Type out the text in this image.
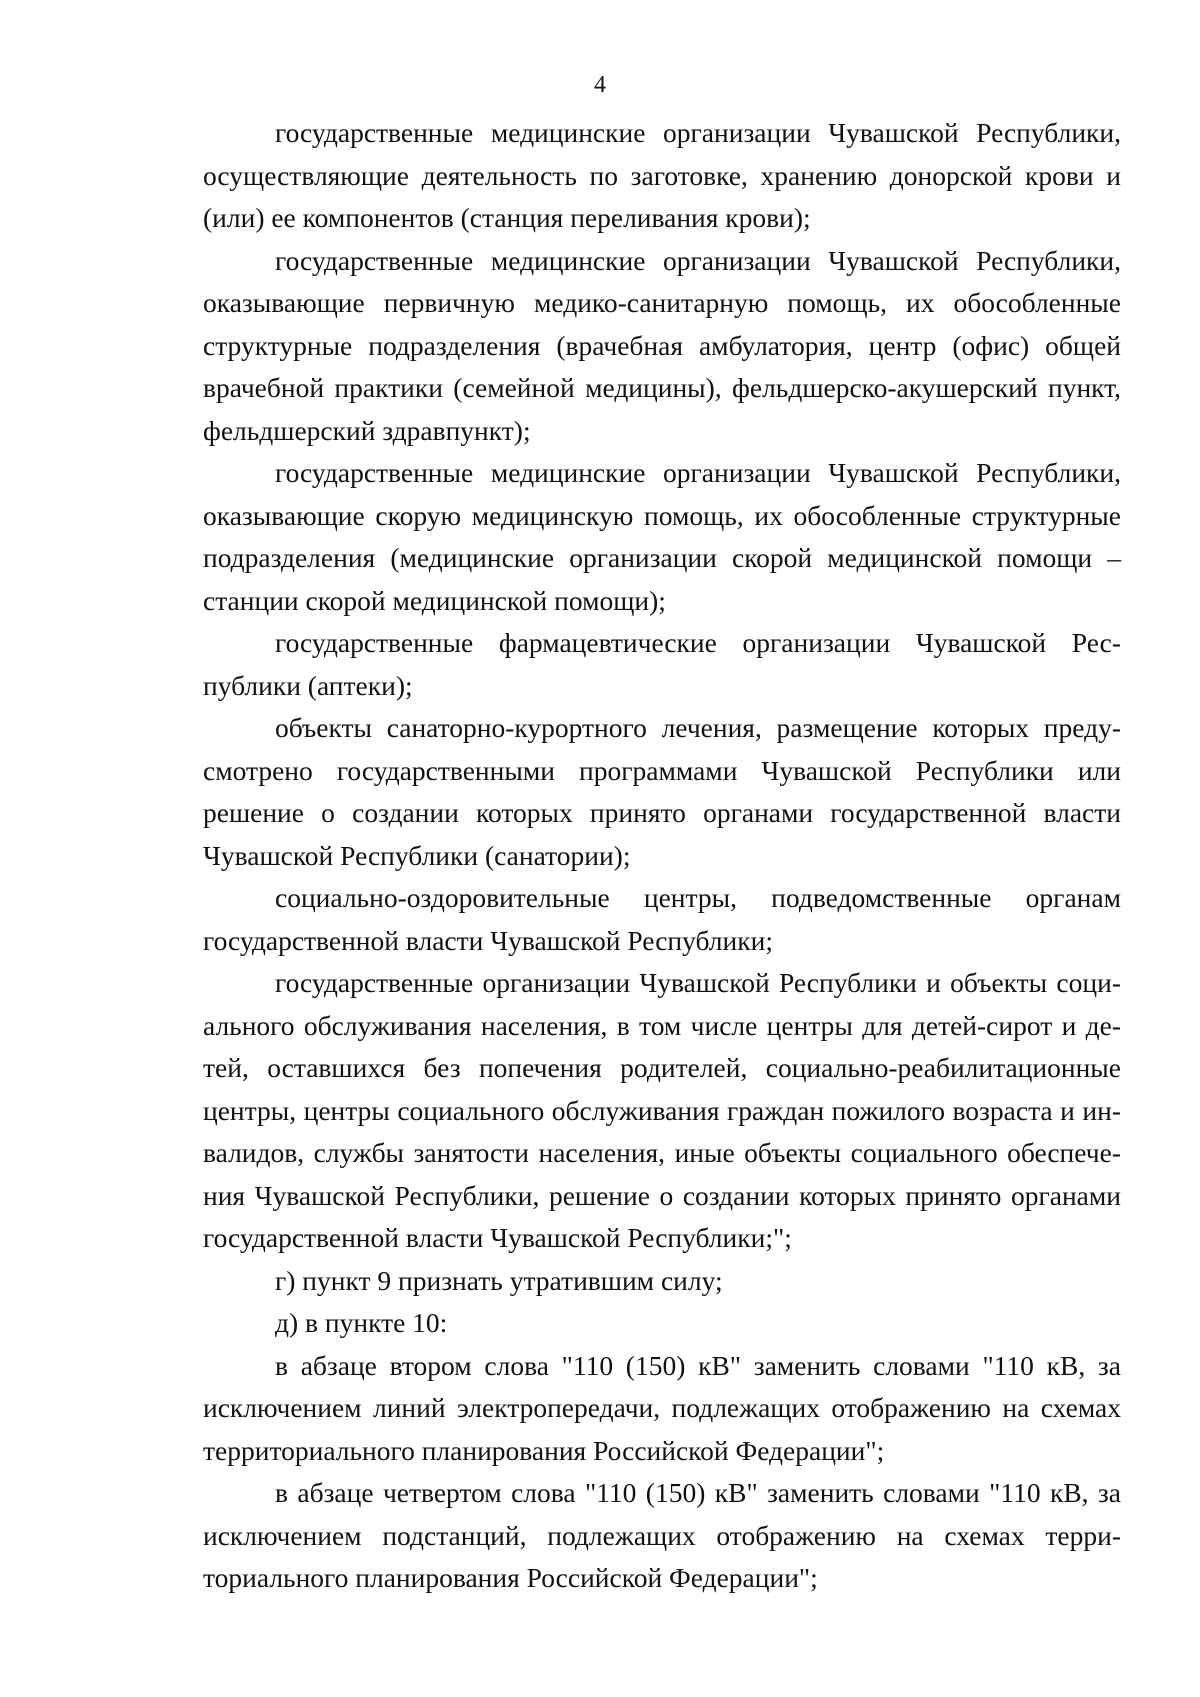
4

государственные медицинские организации Чувашской Республики, осуществляющие деятельность по заготовке, хранению донорской крови и (или) ее компонентов (станция переливания крови);

государственные медицинские организации Чувашской Республики, оказывающие первичную медико-санитарную помощь, их обособленные структурные подразделения (врачебная амбулатория, центр (офис) общей врачебной практики (семейной медицины), фельдшерско-акушерский пункт, фельдшерский здравпункт);

государственные медицинские организации Чувашской Республики, оказывающие скорую медицинскую помощь, их обособленные структурные подразделения (медицинские организации скорой медицинской помощи – станции скорой медицинской помощи);

государственные фармацевтические организации Чувашской Республики (аптеки);

объекты санаторно-курортного лечения, размещение которых предусмотрено государственными программами Чувашской Республики или решение о создании которых принято органами государственной власти Чувашской Республики (санатории);

социально-оздоровительные центры, подведомственные органам государственной власти Чувашской Республики;

государственные организации Чувашской Республики и объекты социального обслуживания населения, в том числе центры для детей-сирот и детей, оставшихся без попечения родителей, социально-реабилитационные центры, центры социального обслуживания граждан пожилого возраста и инвалидов, службы занятости населения, иные объекты социального обеспечения Чувашской Республики, решение о создании которых принято органами государственной власти Чувашской Республики;";

г) пункт 9 признать утратившим силу;

д) в пункте 10:

в абзаце втором слова "110 (150) кВ" заменить словами "110 кВ, за исключением линий электропередачи, подлежащих отображению на схемах территориального планирования Российской Федерации";

в абзаце четвертом слова "110 (150) кВ" заменить словами "110 кВ, за исключением подстанций, подлежащих отображению на схемах территориального планирования Российской Федерации";
